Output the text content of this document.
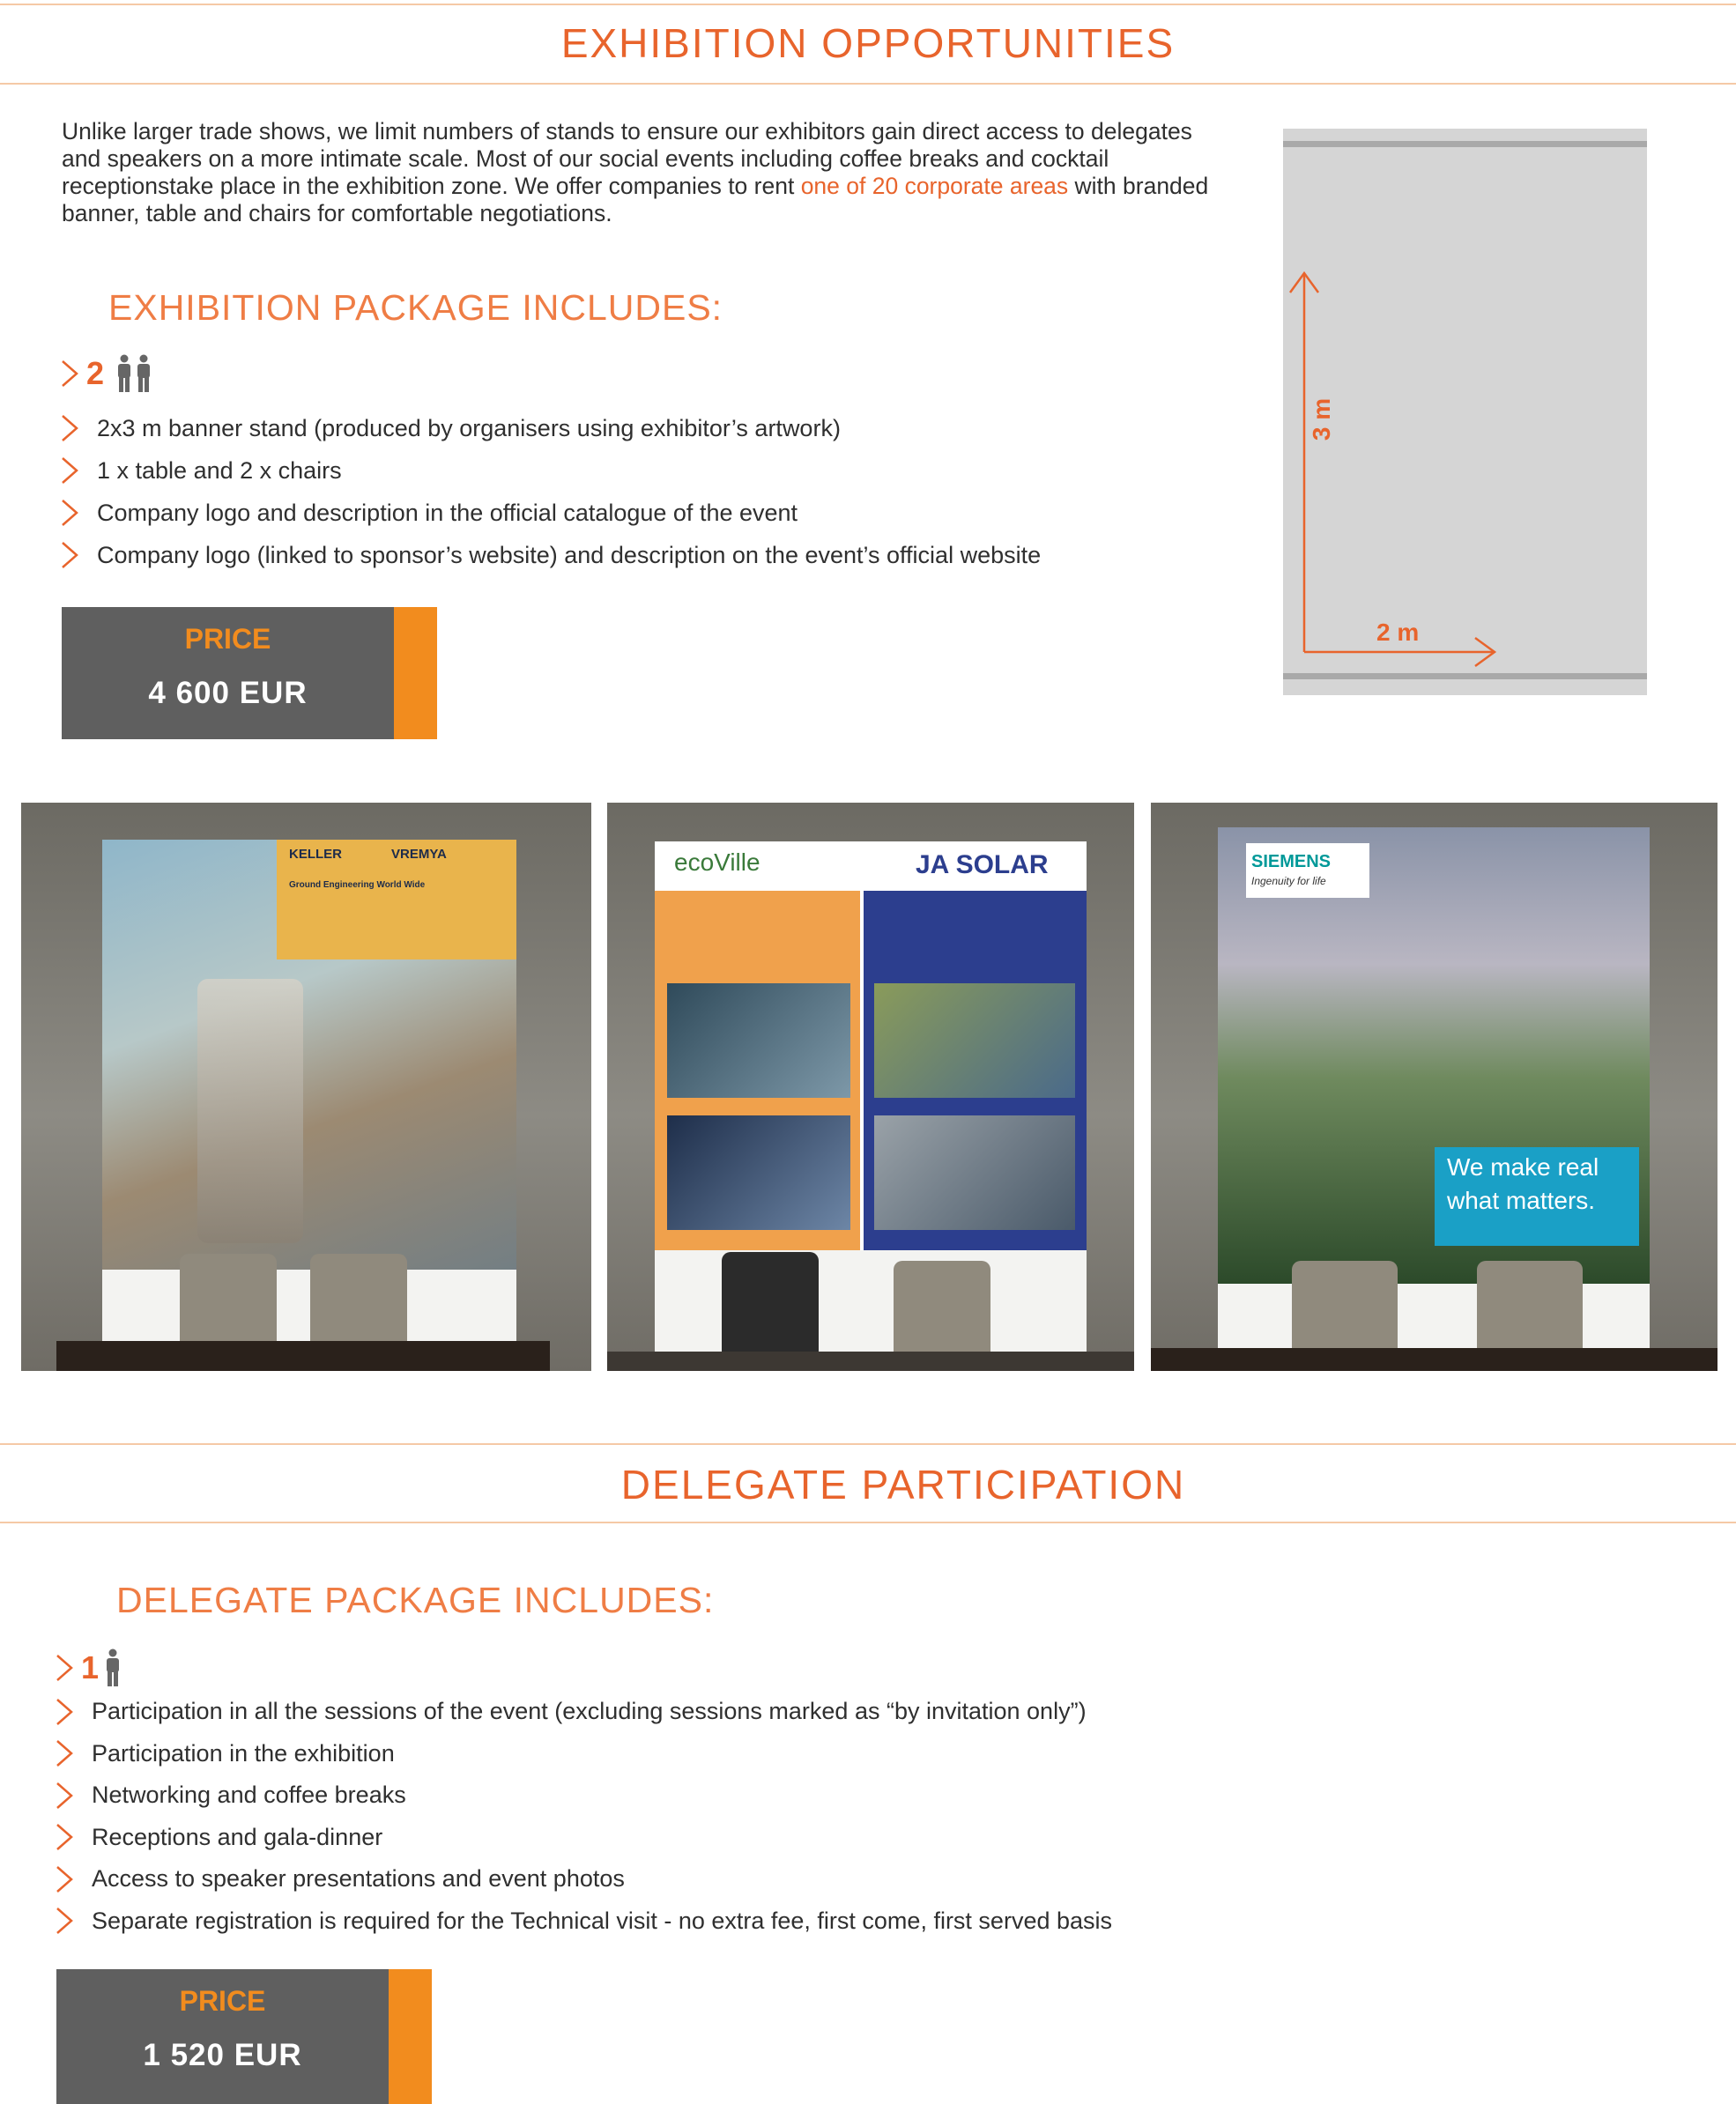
EXHIBITION OPPORTUNITIES

Unlike larger trade shows, we limit numbers of stands to ensure our exhibitors gain direct access to delegates and speakers on a more intimate scale. Most of our social events including coffee breaks and cocktail receptionstake place in the exhibition zone. We offer companies to rent one of 20 corporate areas with branded banner, table and chairs for comfortable negotiations.

EXHIBITION PACKAGE INCLUDES:
2
2x3 m banner stand (produced by organisers using exhibitor’s artwork)
1 x table and 2 x chairs
Company logo and description in the official catalogue of the event
Company logo (linked to sponsor’s website) and description on the event’s official website
PRICE
4 600 EUR
3 m
2 m
KELLER	VREMYA
Ground Engineering World Wide
ecoVille	JA SOLAR	SIEMENS
Ingenuity for life
We make real
what matters.
DELEGATE PARTICIPATION
DELEGATE PACKAGE INCLUDES:
1
Participation in all the sessions of the event (excluding sessions marked as “by invitation only”)
Participation in the exhibition
Networking and coffee breaks
Receptions and gala-dinner
Access to speaker presentations and event photos
Separate registration is required for the Technical visit - no extra fee, first come, first served basis
PRICE
1 520 EUR
